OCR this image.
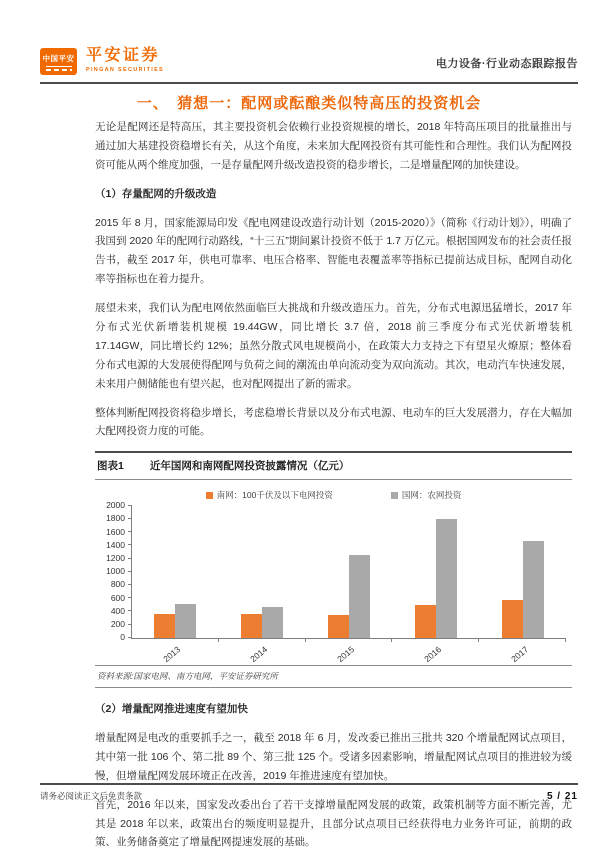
中国平安 平安证券
PINGAN SECURITIES	电力设备·行业动态跟踪报告
一、　猜想一：配网或酝酿类似特高压的投资机会

无论是配网还是特高压，其主要投资机会依赖行业投资规模的增长，2018 年特高压项目的批量推出与通过加大基建投资稳增长有关，从这个角度，未来加大配网投资有其可能性和合理性。我们认为配网投资可能从两个维度加强，一是存量配网升级改造投资的稳步增长，二是增量配网的加快建设。

（1）存量配网的升级改造

2015 年 8 月，国家能源局印发《配电网建设改造行动计划（2015-2020）》（简称《行动计划》），明确了我国到 2020 年的配网行动路线，“十三五”期间累计投资不低于 1.7 万亿元。根据国网发布的社会责任报告书，截至 2017 年，供电可靠率、电压合格率、智能电表覆盖率等指标已提前达成目标，配网自动化率等指标也在着力提升。

展望未来，我们认为配电网依然面临巨大挑战和升级改造压力。首先，分布式电源迅猛增长，2017 年分布式光伏新增装机规模 19.44GW，同比增长 3.7 倍，2018 前三季度分布式光伏新增装机 17.14GW，同比增长约 12%；虽然分散式风电规模尚小，在政策大力支持之下有望星火燎原；整体看分布式电源的大发展使得配网与负荷之间的潮流由单向流动变为双向流动。其次，电动汽车快速发展，未来用户侧储能也有望兴起，也对配网提出了新的需求。

整体判断配网投资将稳步增长，考虑稳增长背景以及分布式电源、电动车的巨大发展潜力，存在大幅加大配网投资力度的可能。

图表1 近年国网和南网配网投资披露情况（亿元）
南网：100千伏及以下电网投资	国网：农网投资
0
200
400
600
800
1000
1200
1400
1600
1800
2000
2013	2014	2015	2016	2017
资料来源:国家电网、南方电网，平安证券研究所
（2）增量配网推进速度有望加快

增量配网是电改的重要抓手之一，截至 2018 年 6 月，发改委已推出三批共 320 个增量配网试点项目，其中第一批 106 个、第二批 89 个、第三批 125 个。受诸多因素影响，增量配网试点项目的推进较为缓慢，但增量配网发展环境正在改善，2019 年推进速度有望加快。

首先，2016 年以来，国家发改委出台了若干支撑增量配网发展的政策，政策机制等方面不断完善，尤其是 2018 年以来，政策出台的频度明显提升，且部分试点项目已经获得电力业务许可证，前期的政策、业务储备奠定了增量配网提速发展的基础。

请务必阅读正文后免责条款	5 / 21
